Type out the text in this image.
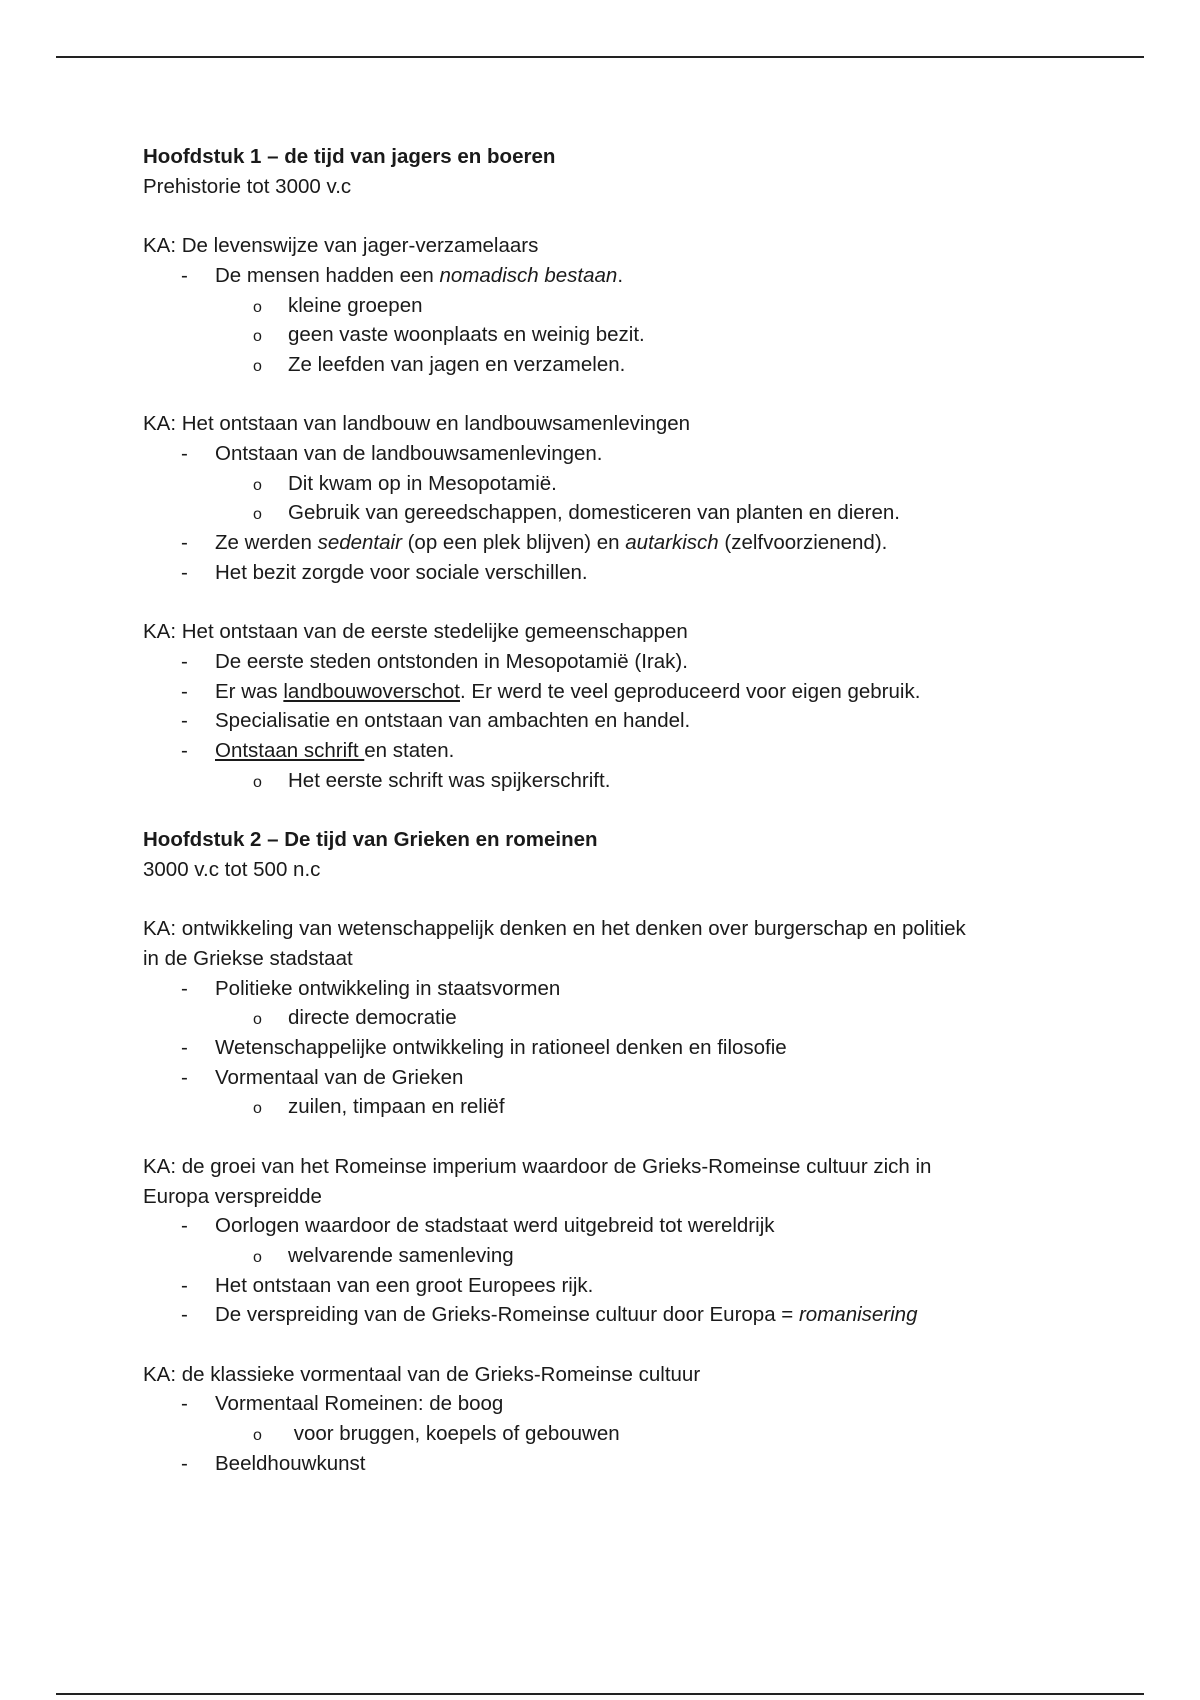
Hoofdstuk 1 – de tijd van jagers en boeren
Prehistorie tot 3000 v.c
KA: De levenswijze van jager-verzamelaars
- De mensen hadden een nomadisch bestaan.
o kleine groepen
o geen vaste woonplaats en weinig bezit.
o Ze leefden van jagen en verzamelen.
KA: Het ontstaan van landbouw en landbouwsamenlevingen
- Ontstaan van de landbouwsamenlevingen.
o Dit kwam op in Mesopotamië.
o Gebruik van gereedschappen, domesticeren van planten en dieren.
- Ze werden sedentair (op een plek blijven) en autarkisch (zelfvoorzienend).
- Het bezit zorgde voor sociale verschillen.
KA: Het ontstaan van de eerste stedelijke gemeenschappen
- De eerste steden ontstonden in Mesopotamië (Irak).
- Er was landbouwoverschot. Er werd te veel geproduceerd voor eigen gebruik.
- Specialisatie en ontstaan van ambachten en handel.
- Ontstaan schrift en staten.
o Het eerste schrift was spijkerschrift.
Hoofdstuk 2 – De tijd van Grieken en romeinen
3000 v.c tot 500 n.c
KA: ontwikkeling van wetenschappelijk denken en het denken over burgerschap en politiek
in de Griekse stadstaat
- Politieke ontwikkeling in staatsvormen
o directe democratie
- Wetenschappelijke ontwikkeling in rationeel denken en filosofie
- Vormentaal van de Grieken
o zuilen, timpaan en reliëf
KA: de groei van het Romeinse imperium waardoor de Grieks-Romeinse cultuur zich in
Europa verspreidde
- Oorlogen waardoor de stadstaat werd uitgebreid tot wereldrijk
o welvarende samenleving
- Het ontstaan van een groot Europees rijk.
- De verspreiding van de Grieks-Romeinse cultuur door Europa = romanisering
KA: de klassieke vormentaal van de Grieks-Romeinse cultuur
- Vormentaal Romeinen: de boog
o  voor bruggen, koepels of gebouwen
- Beeldhouwkunst
